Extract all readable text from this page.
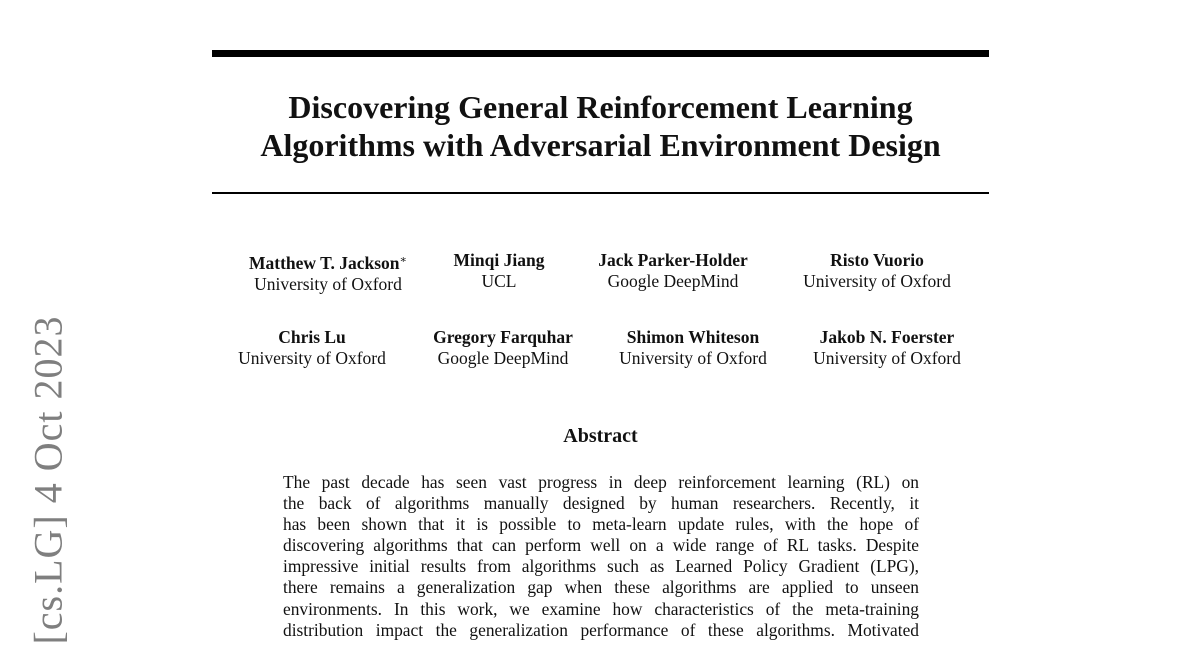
[cs.LG] 4 Oct 2023
Discovering General Reinforcement Learning
Algorithms with Adversarial Environment Design
Matthew T. Jackson∗
University of Oxford
Minqi Jiang
UCL
Jack Parker-Holder
Google DeepMind
Risto Vuorio
University of Oxford
Chris Lu
University of Oxford
Gregory Farquhar
Google DeepMind
Shimon Whiteson
University of Oxford
Jakob N. Foerster
University of Oxford
Abstract
The past decade has seen vast progress in deep reinforcement learning (RL) on
the back of algorithms manually designed by human researchers. Recently, it
has been shown that it is possible to meta-learn update rules, with the hope of
discovering algorithms that can perform well on a wide range of RL tasks. Despite
impressive initial results from algorithms such as Learned Policy Gradient (LPG),
there remains a generalization gap when these algorithms are applied to unseen
environments. In this work, we examine how characteristics of the meta-training
distribution impact the generalization performance of these algorithms. Motivated
